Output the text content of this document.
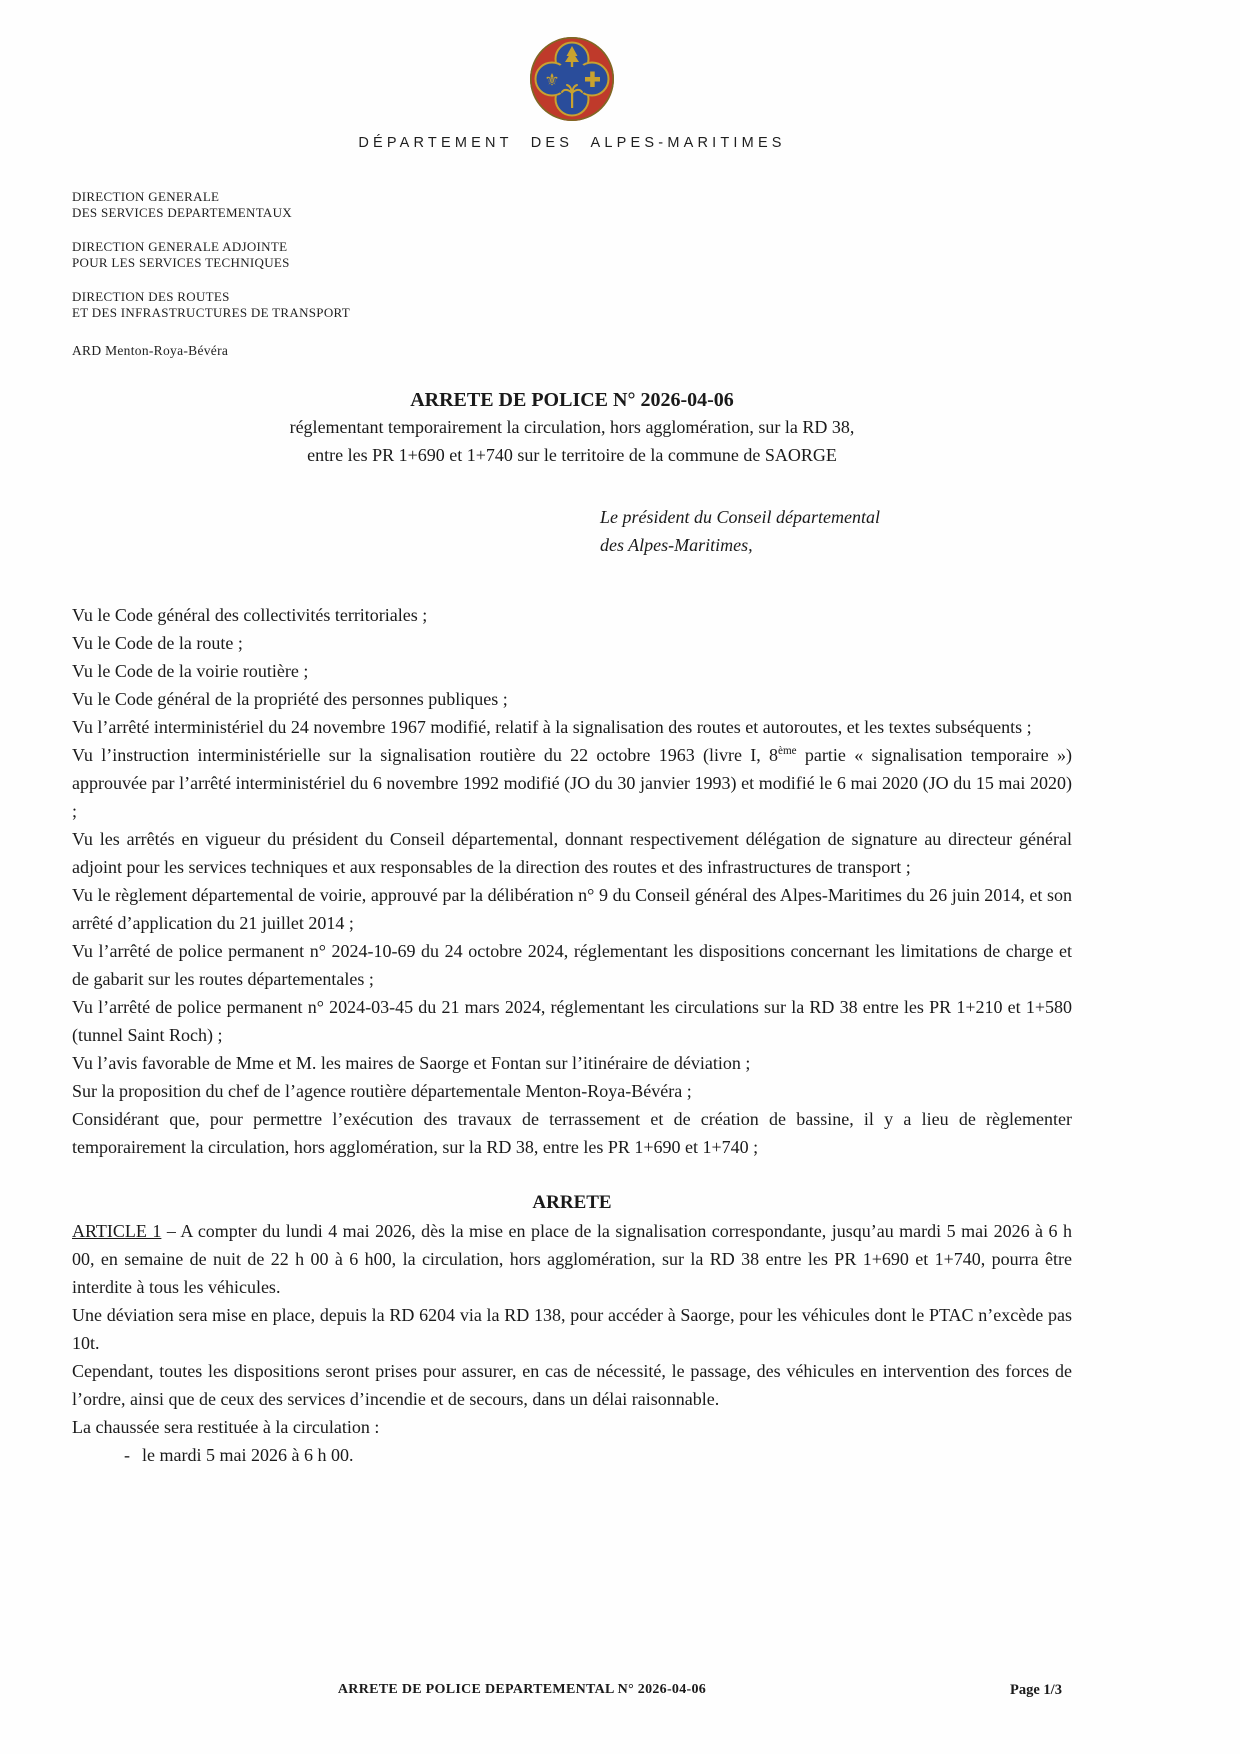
⚜
DÉPARTEMENT DES ALPES-MARITIMES
DIRECTION GENERALE
DES SERVICES DEPARTEMENTAUX
DIRECTION GENERALE ADJOINTE
POUR LES SERVICES TECHNIQUES
DIRECTION DES ROUTES
ET DES INFRASTRUCTURES DE TRANSPORT
ARD Menton-Roya-Bévéra
ARRETE DE POLICE N° 2026-04-06
réglementant temporairement la circulation, hors agglomération, sur la RD 38,
entre les PR 1+690 et 1+740 sur le territoire de la commune de SAORGE
Le président du Conseil départemental
des Alpes-Maritimes,

Vu le Code général des collectivités territoriales ;

Vu le Code de la route ;

Vu le Code de la voirie routière ;

Vu le Code général de la propriété des personnes publiques ;

Vu l’arrêté interministériel du 24 novembre 1967 modifié, relatif à la signalisation des routes et autoroutes, et les textes subséquents ;

Vu l’instruction interministérielle sur la signalisation routière du 22 octobre 1963 (livre I, 8ème partie « signalisation temporaire ») approuvée par l’arrêté interministériel du 6 novembre 1992 modifié (JO du 30 janvier 1993) et modifié le 6 mai 2020 (JO du 15 mai 2020) ;

Vu les arrêtés en vigueur du président du Conseil départemental, donnant respectivement délégation de signature au directeur général adjoint pour les services techniques et aux responsables de la direction des routes et des infrastructures de transport ;

Vu le règlement départemental de voirie, approuvé par la délibération n° 9 du Conseil général des Alpes-Maritimes du 26 juin 2014, et son arrêté d’application du 21 juillet 2014 ;

Vu l’arrêté de police permanent n° 2024-10-69 du 24 octobre 2024, réglementant les dispositions concernant les limitations de charge et de gabarit sur les routes départementales ;

Vu l’arrêté de police permanent n° 2024-03-45 du 21 mars 2024, réglementant les circulations sur la RD 38 entre les PR 1+210 et 1+580 (tunnel Saint Roch) ;

Vu l’avis favorable de Mme et M. les maires de Saorge et Fontan sur l’itinéraire de déviation ;

Sur la proposition du chef de l’agence routière départementale Menton-Roya-Bévéra ;

Considérant que, pour permettre l’exécution des travaux de terrassement et de création de bassine, il y a lieu de règlementer temporairement la circulation, hors agglomération, sur la RD 38, entre les PR 1+690 et 1+740 ;

ARRETE

ARTICLE 1 – A compter du lundi 4 mai 2026, dès la mise en place de la signalisation correspondante, jusqu’au mardi 5 mai 2026 à 6 h 00, en semaine de nuit de 22 h 00 à 6 h00, la circulation, hors agglomération, sur la RD 38 entre les PR 1+690 et 1+740, pourra être interdite à tous les véhicules.

Une déviation sera mise en place, depuis la RD 6204 via la RD 138, pour accéder à Saorge, pour les véhicules dont le PTAC n’excède pas 10t.

Cependant, toutes les dispositions seront prises pour assurer, en cas de nécessité, le passage, des véhicules en intervention des forces de l’ordre, ainsi que de ceux des services d’incendie et de secours, dans un délai raisonnable.

La chaussée sera restituée à la circulation :

- le mardi 5 mai 2026 à 6 h 00.
ARRETE DE POLICE DEPARTEMENTAL N° 2026-04-06	Page 1/3
